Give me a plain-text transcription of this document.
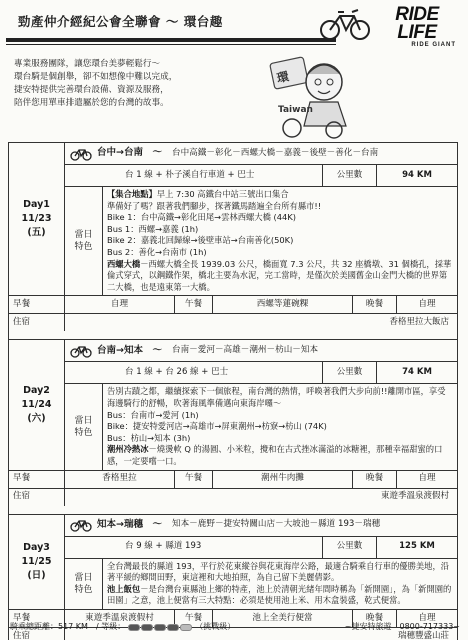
勁產仲介經紀公會全聯會 ～ 環台趣	RIDE
LIFE
RIDE GIANT
專業服務團隊，讓您環台美夢輕鬆行～
環台騎是個創舉，卻不如想像中難以完成，
捷安特提供完善環台設備、資源及服務，
陪伴您用單車排遣屬於您的台灣的故事。
環
Taiwan
Day1
11/23
(五)
台中→台南　～ 台中高鐵－彰化－西螺大橋－嘉義－後壁－善化－台南
台 1 線 + 朴子溪自行車道 + 巴士	公里數	94 KM
當日
特色
【集合地點】早上 7:30 高鐵台中站三號出口集合
準備好了嗎？跟著我們腳步，探著鐵馬踏遍全台所有縣市!!
Bike 1：台中高鐵→彰化田尾→雲林西螺大橋 (44K)
Bus 1：西螺→嘉義 (1h)
Bike 2：嘉義北回歸線→後壁車站→台南善化(50K)
Bus 2：善化→台南市 (1h)
西螺大橋－西螺大橋全長 1939.03 公尺，橋面寬 7.3 公尺，共 32 座橋墩、31 個橋孔，採華倫式穿式，以鋼鐵作架，橋北主要為水泥，完工當時，是僅次於美國舊金山金門大橋的世界第二大橋，也是遠東第一大橋。
早餐	自理	午餐	西螺等蓮碗粿	晚餐	自理
住宿	香格里拉大飯店
Day2
11/24
(六)
台南→知本　～ 台南－愛河－高雄－潮州－枋山－知本
台 1 線 + 台 26 線 + 巴士	公里數	74 KM
當日
特色
告別古蹟之都，繼續探索下一個旅程，南台灣的熱情，呼喚著我們大步向前!!離開市區，享受海邊騎行的舒暢，吹著海風準備邁向東海岸囉～
Bus：台南市→愛河 (1h)
Bike：捷安特愛河店→高雄市→屏東潮州→枋寮→枋山 (74K)
Bus：枋山→知本 (3h)
潮州冷熱冰－燒燙軟 Q 的湯圓、小米粒，攪和在古式挫冰滿溢的冰糖裡，那種幸福甜蜜的口感，一定要嚐一口。
早餐	香格里拉	午餐	潮州牛肉攤	晚餐	自理
住宿	東遊季溫泉渡假村
Day3
11/25
(日)
知本→瑞穗　～ 知本－鹿野－捷安特關山店－大坡池－縣道 193－瑞穗
台 9 線 + 縣道 193	公里數	125 KM
當日
特色
全台灣最長的縣道 193，平行於花東縱谷與花東海岸公路，最適合騎乘自行車的優勝美地，沿著平緩的鄉間田野，東這裡和大地拍照，為自己留下美麗倩影。
池上飯包－是台灣台東縣池上鄉的特產，池上於清朝光緒年間時稱為「新開園」，為「新開園的田園」之意，池上便當有三大特點：必須是使用池上米、用木盒裝盛，乾式便當。
早餐	東遊季溫泉渡假村	午餐	池上全美行便當	晚餐	自理
住宿	瑞穗豐盛山莊
騎乘總距離：517 KM　/ 等級：	（挑戰級）	~捷安特旅遊　0800-717333~
